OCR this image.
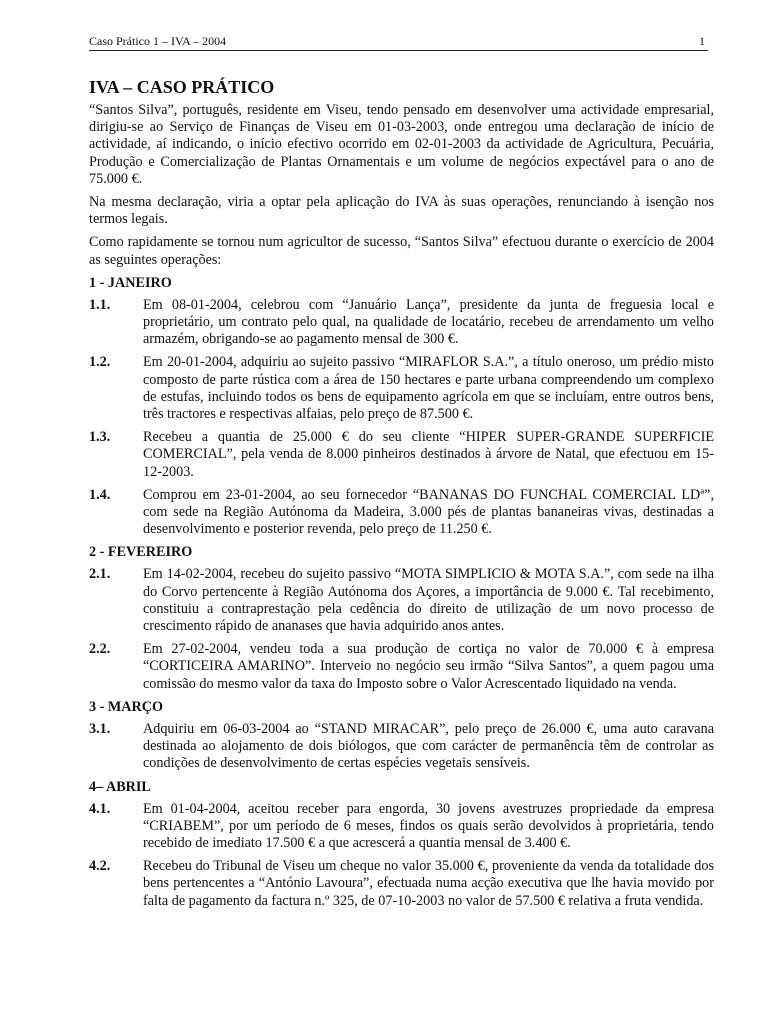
Caso Prático 1 – IVA – 2004	1
IVA – CASO PRÁTICO

“Santos Silva”, português, residente em Viseu, tendo pensado em desenvolver uma actividade empresarial, dirigiu-se ao Serviço de Finanças de Viseu em 01-03-2003, onde entregou uma declaração de início de actividade, aí indicando, o início efectivo ocorrido em 02-01-2003 da actividade de Agricultura, Pecuária, Produção e Comercialização de Plantas Ornamentais e um volume de negócios expectável para o ano de 75.000 €.

Na mesma declaração, viria a optar pela aplicação do IVA às suas operações, renunciando à isenção nos termos legais.

Como rapidamente se tornou num agricultor de sucesso, “Santos Silva” efectuou durante o exercício de 2004 as seguintes operações:

1 - JANEIRO
1.1. Em 08-01-2004, celebrou com “Januário Lança”, presidente da junta de freguesia local e proprietário, um contrato pelo qual, na qualidade de locatário, recebeu de arrendamento um velho armazém, obrigando-se ao pagamento mensal de 300 €.
1.2. Em 20-01-2004, adquiriu ao sujeito passivo “MIRAFLOR S.A.”, a título oneroso, um prédio misto composto de parte rústica com a área de 150 hectares e parte urbana compreendendo um complexo de estufas, incluindo todos os bens de equipamento agrícola em que se incluíam, entre outros bens, três tractores e respectivas alfaias, pelo preço de 87.500 €.
1.3. Recebeu a quantia de 25.000 € do seu cliente “HIPER SUPER-GRANDE SUPERFICIE COMERCIAL”, pela venda de 8.000 pinheiros destinados à árvore de Natal, que efectuou em 15-12-2003.
1.4. Comprou em 23-01-2004, ao seu fornecedor “BANANAS DO FUNCHAL COMERCIAL LDª”, com sede na Região Autónoma da Madeira, 3.000 pés de plantas bananeiras vivas, destinadas a desenvolvimento e posterior revenda, pelo preço de 11.250 €.
2 - FEVEREIRO
2.1. Em 14-02-2004, recebeu do sujeito passivo “MOTA SIMPLICIO & MOTA S.A.”, com sede na ilha do Corvo pertencente à Região Autónoma dos Açores, a importância de 9.000 €. Tal recebimento, constituiu a contraprestação pela cedência do direito de utilização de um novo processo de crescimento rápido de ananases que havia adquirido anos antes.
2.2. Em 27-02-2004, vendeu toda a sua produção de cortiça no valor de 70.000 € à empresa “CORTICEIRA AMARINO”. Interveio no negócio seu irmão “Silva Santos”, a quem pagou uma comissão do mesmo valor da taxa do Imposto sobre o Valor Acrescentado liquidado na venda.
3 - MARÇO
3.1. Adquiriu em 06-03-2004 ao “STAND MIRACAR”, pelo preço de 26.000 €, uma auto caravana destinada ao alojamento de dois biólogos, que com carácter de permanência têm de controlar as condições de desenvolvimento de certas espécies vegetais sensíveis.
4– ABRIL
4.1. Em 01-04-2004, aceitou receber para engorda, 30 jovens avestruzes propriedade da empresa “CRIABEM”, por um período de 6 meses, findos os quais serão devolvidos à proprietária, tendo recebido de imediato 17.500 € a que acrescerá a quantia mensal de 3.400 €.
4.2. Recebeu do Tribunal de Viseu um cheque no valor 35.000 €, proveniente da venda da totalidade dos bens pertencentes a “António Lavoura”, efectuada numa acção executiva que lhe havia movido por falta de pagamento da factura n.º 325, de 07-10-2003 no valor de 57.500 € relativa a fruta vendida.
